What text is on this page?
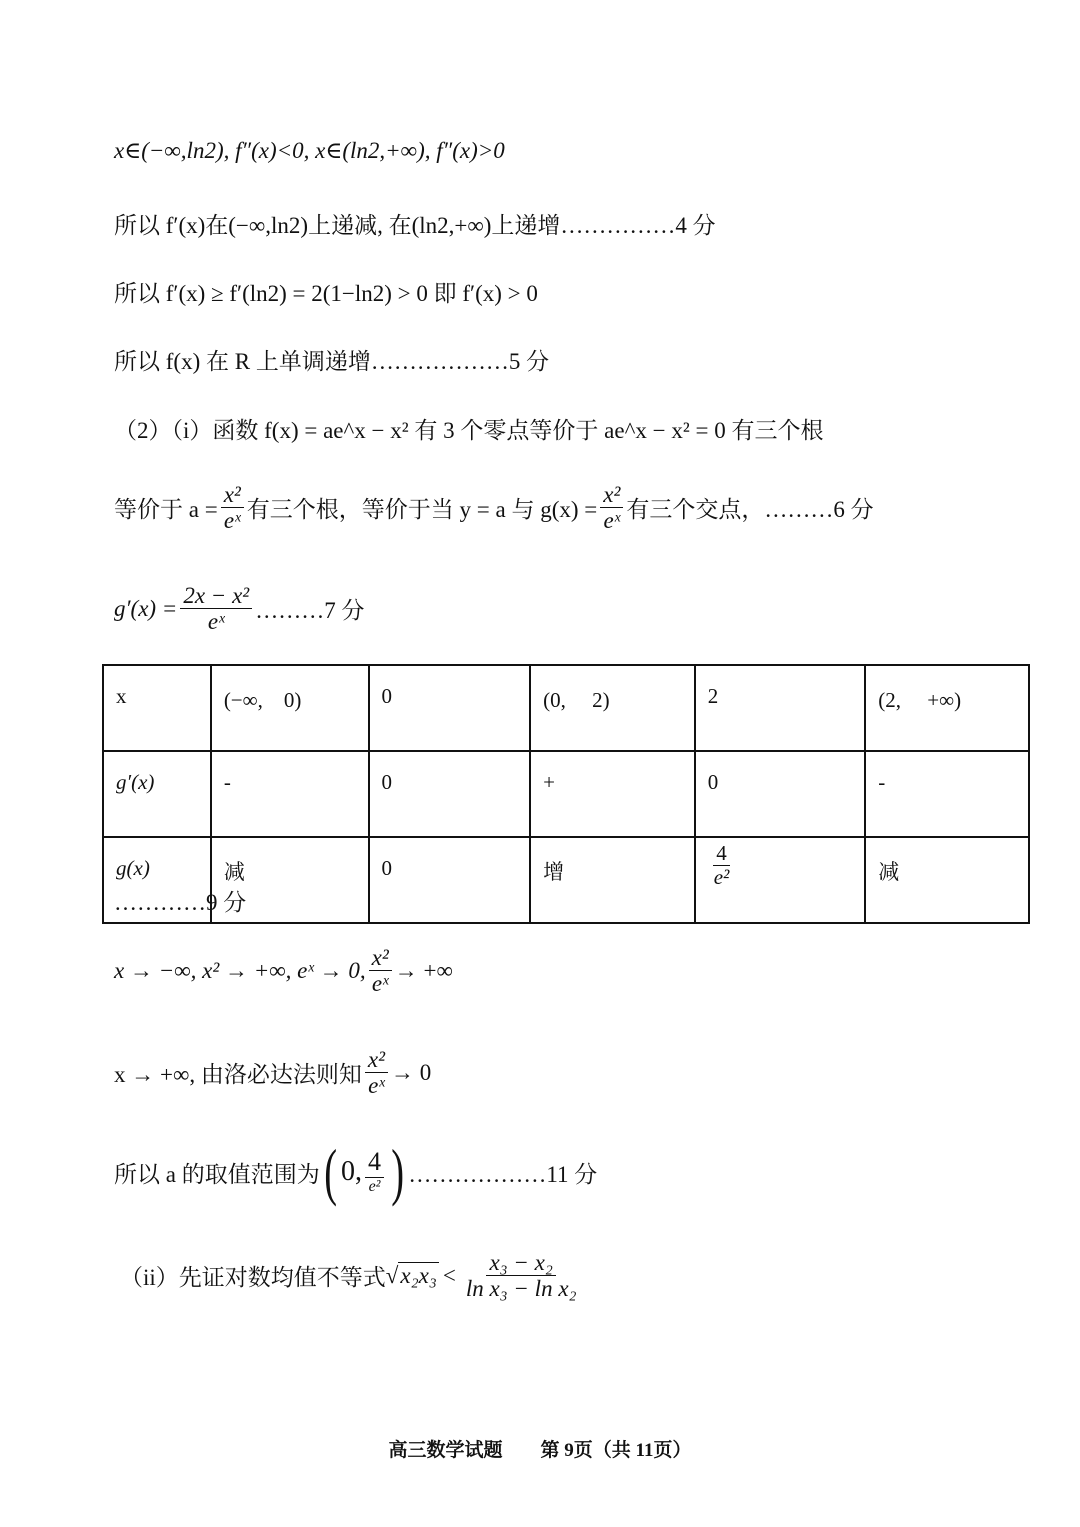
x∈(−∞,ln2), f″(x)<0, x∈(ln2,+∞), f″(x)>0
所以 f′(x)在(−∞,ln2)上递减, 在(ln2,+∞)上递增……………4 分
所以 f′(x) ≥ f′(ln2) = 2(1−ln2) > 0 即 f′(x) > 0
所以 f(x) 在 R 上单调递增………………5 分
（2）（i）函数 f(x) = ae^x − x² 有 3 个零点等价于 ae^x − x² = 0 有三个根
等价于 $a = \frac{\text{x²}}{\text{eˣ}}$ 有三个根，等价于当 y = a 与 $g(x) = \frac{\text{x²}}{\text{eˣ}}$ 有三个交点，………6 分
$g'(x) = \frac{\text{2x − x²}}{\text{eˣ}}$ ………7 分
x	(−∞,　0)	0	(0,　 2)	2	(2,　 +∞)
g′(x)	-	0	+	0	-
g(x)	减	0	增	$\frac{4}{\text{e²}}$	减
…………9 分
x → −∞, x² → +∞, eˣ → 0, $\frac{\text{x²}}{\text{eˣ}}$ → +∞
x → +∞, 由洛必达法则知 $\frac{\text{x²}}{\text{eˣ}} \to 0$
所以 a 的取值范围为 ( 0, $\frac{4}{\text{e²}}$ ) ………………11 分
（ii）先证对数均值不等式 √ $x_2x_3 < \frac{\text{x₃ − x₂}}{\text{ln x₃ − ln x₂}}$
高三数学试题　　第 9页（共 11页）
